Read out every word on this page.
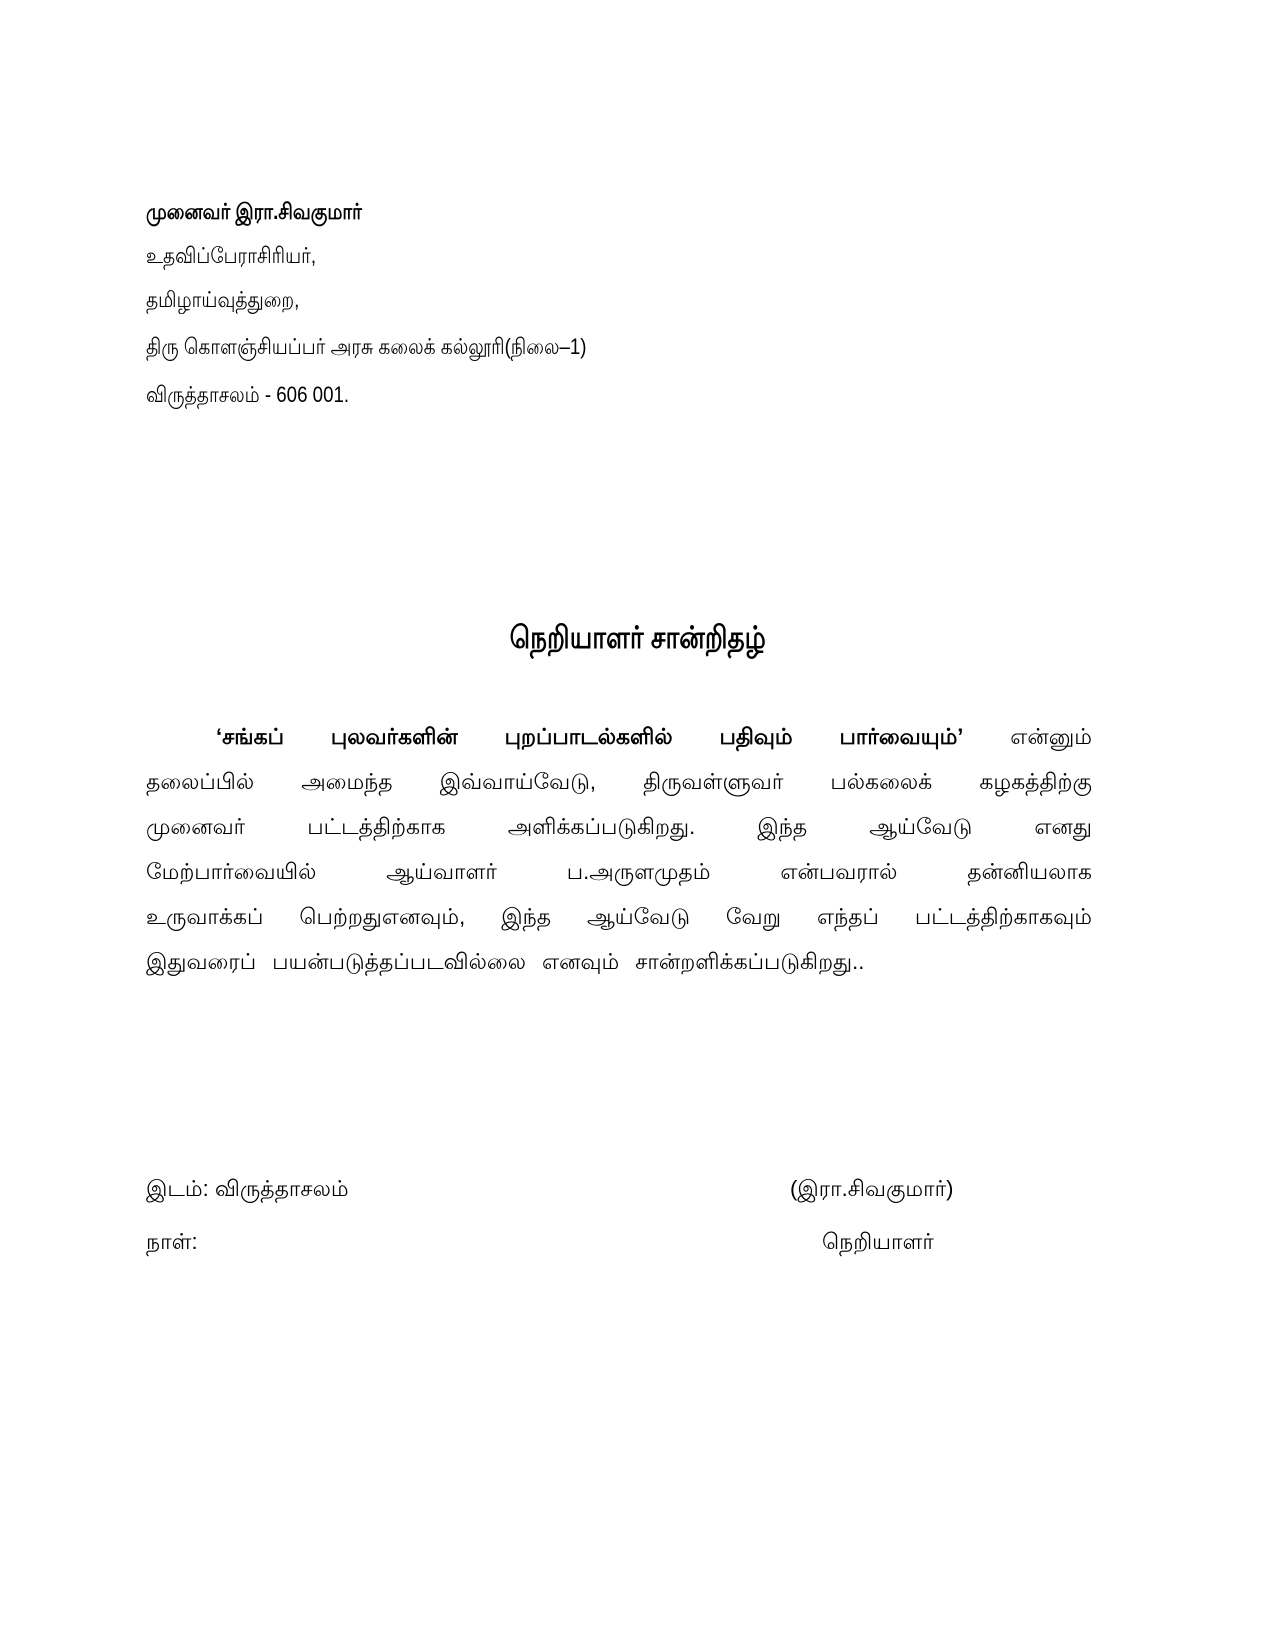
முனைவர் இரா.சிவகுமார்
உதவிப்பேராசிரியர்,
தமிழாய்வுத்துறை,
திரு கொளஞ்சியப்பர் அரசு கலைக் கல்லூரி(நிலை–1)
விருத்தாசலம் - 606 001.
நெறியாளர் சான்றிதழ்
‘சங்கப் புலவர்களின் புறப்பாடல்களில் பதிவும் பார்வையும்’ என்னும்
தலைப்பில் அமைந்த இவ்வாய்வேடு, திருவள்ளுவர் பல்கலைக் கழகத்திற்கு
முனைவர்	பட்டத்திற்காக	அளிக்கப்படுகிறது.	இந்த	ஆய்வேடு	எனது
மேற்பார்வையில்	ஆய்வாளர்	ப.அருளமுதம்	என்பவரால்	தன்னியலாக
உருவாக்கப் பெற்றதுஎனவும், இந்த ஆய்வேடு வேறு எந்தப் பட்டத்திற்காகவும்
இதுவரைப் பயன்படுத்தப்படவில்லை எனவும் சான்றளிக்கப்படுகிறது..
இடம்: விருத்தாசலம்
நாள்:
(இரா.சிவகுமார்)
நெறியாளர்
